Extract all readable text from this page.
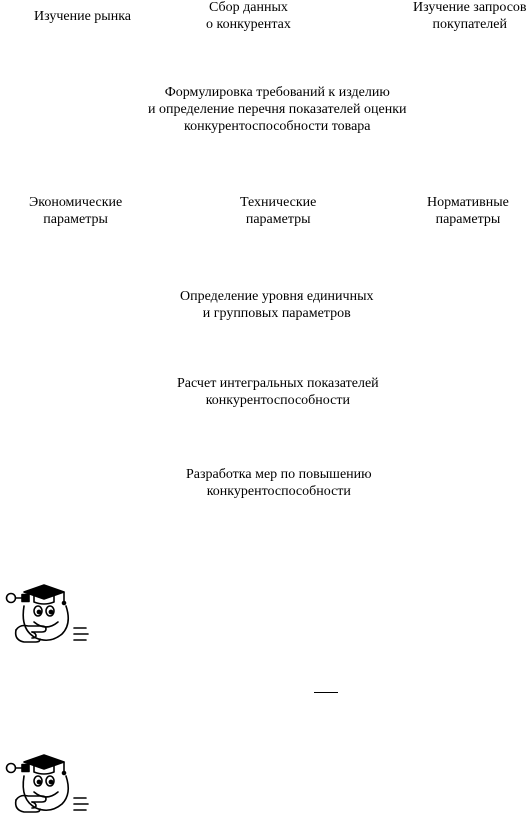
Изучение рынка
Сбор данных
о конкурентах
Изучение запросов
покупателей
Формулировка требований к изделию
и определение перечня показателей оценки
конкурентоспособности товара
Экономические
параметры
Технические
параметры
Нормативные
параметры
Определение уровня единичных
и групповых параметров
Расчет интегральных показателей
конкурентоспособности
Разработка мер по повышению
конкурентоспособности
